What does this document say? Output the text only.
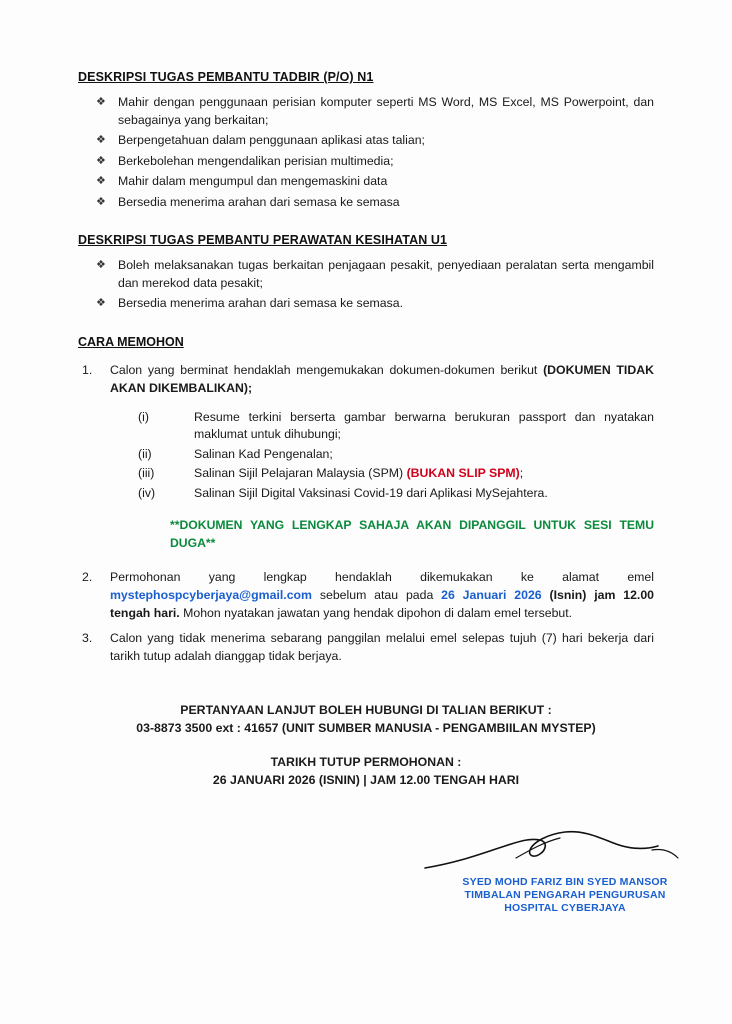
DESKRIPSI TUGAS PEMBANTU TADBIR (P/O) N1
❖ Mahir dengan penggunaan perisian komputer seperti MS Word, MS Excel, MS Powerpoint, dan sebagainya yang berkaitan;
❖ Berpengetahuan dalam penggunaan aplikasi atas talian;
❖ Berkebolehan mengendalikan perisian multimedia;
❖ Mahir dalam mengumpul dan mengemaskini data
❖ Bersedia menerima arahan dari semasa ke semasa
DESKRIPSI TUGAS PEMBANTU PERAWATAN KESIHATAN U1
❖ Boleh melaksanakan tugas berkaitan penjagaan pesakit, penyediaan peralatan serta mengambil dan merekod data pesakit;
❖ Bersedia menerima arahan dari semasa ke semasa.
CARA MEMOHON
1. Calon yang berminat hendaklah mengemukakan dokumen-dokumen berikut (DOKUMEN TIDAK AKAN DIKEMBALIKAN);
(i)	Resume terkini berserta gambar berwarna berukuran passport dan nyatakan maklumat untuk dihubungi;
(ii)	Salinan Kad Pengenalan;
(iii)	Salinan Sijil Pelajaran Malaysia (SPM) (BUKAN SLIP SPM);
(iv)	Salinan Sijil Digital Vaksinasi Covid-19 dari Aplikasi MySejahtera.
**DOKUMEN YANG LENGKAP SAHAJA AKAN DIPANGGIL UNTUK SESI TEMU DUGA**
2. Permohonan yang lengkap hendaklah dikemukakan ke alamat emel mystephospcyberjaya@gmail.com sebelum atau pada 26 Januari 2026 (Isnin) jam 12.00 tengah hari. Mohon nyatakan jawatan yang hendak dipohon di dalam emel tersebut.
3. Calon yang tidak menerima sebarang panggilan melalui emel selepas tujuh (7) hari bekerja dari tarikh tutup adalah dianggap tidak berjaya.
PERTANYAAN LANJUT BOLEH HUBUNGI DI TALIAN BERIKUT :
03-8873 3500 ext : 41657 (UNIT SUMBER MANUSIA - PENGAMBIILAN MYSTEP)
TARIKH TUTUP PERMOHONAN :
26 JANUARI 2026 (ISNIN) | JAM 12.00 TENGAH HARI
SYED MOHD FARIZ BIN SYED MANSOR
TIMBALAN PENGARAH PENGURUSAN
HOSPITAL CYBERJAYA
